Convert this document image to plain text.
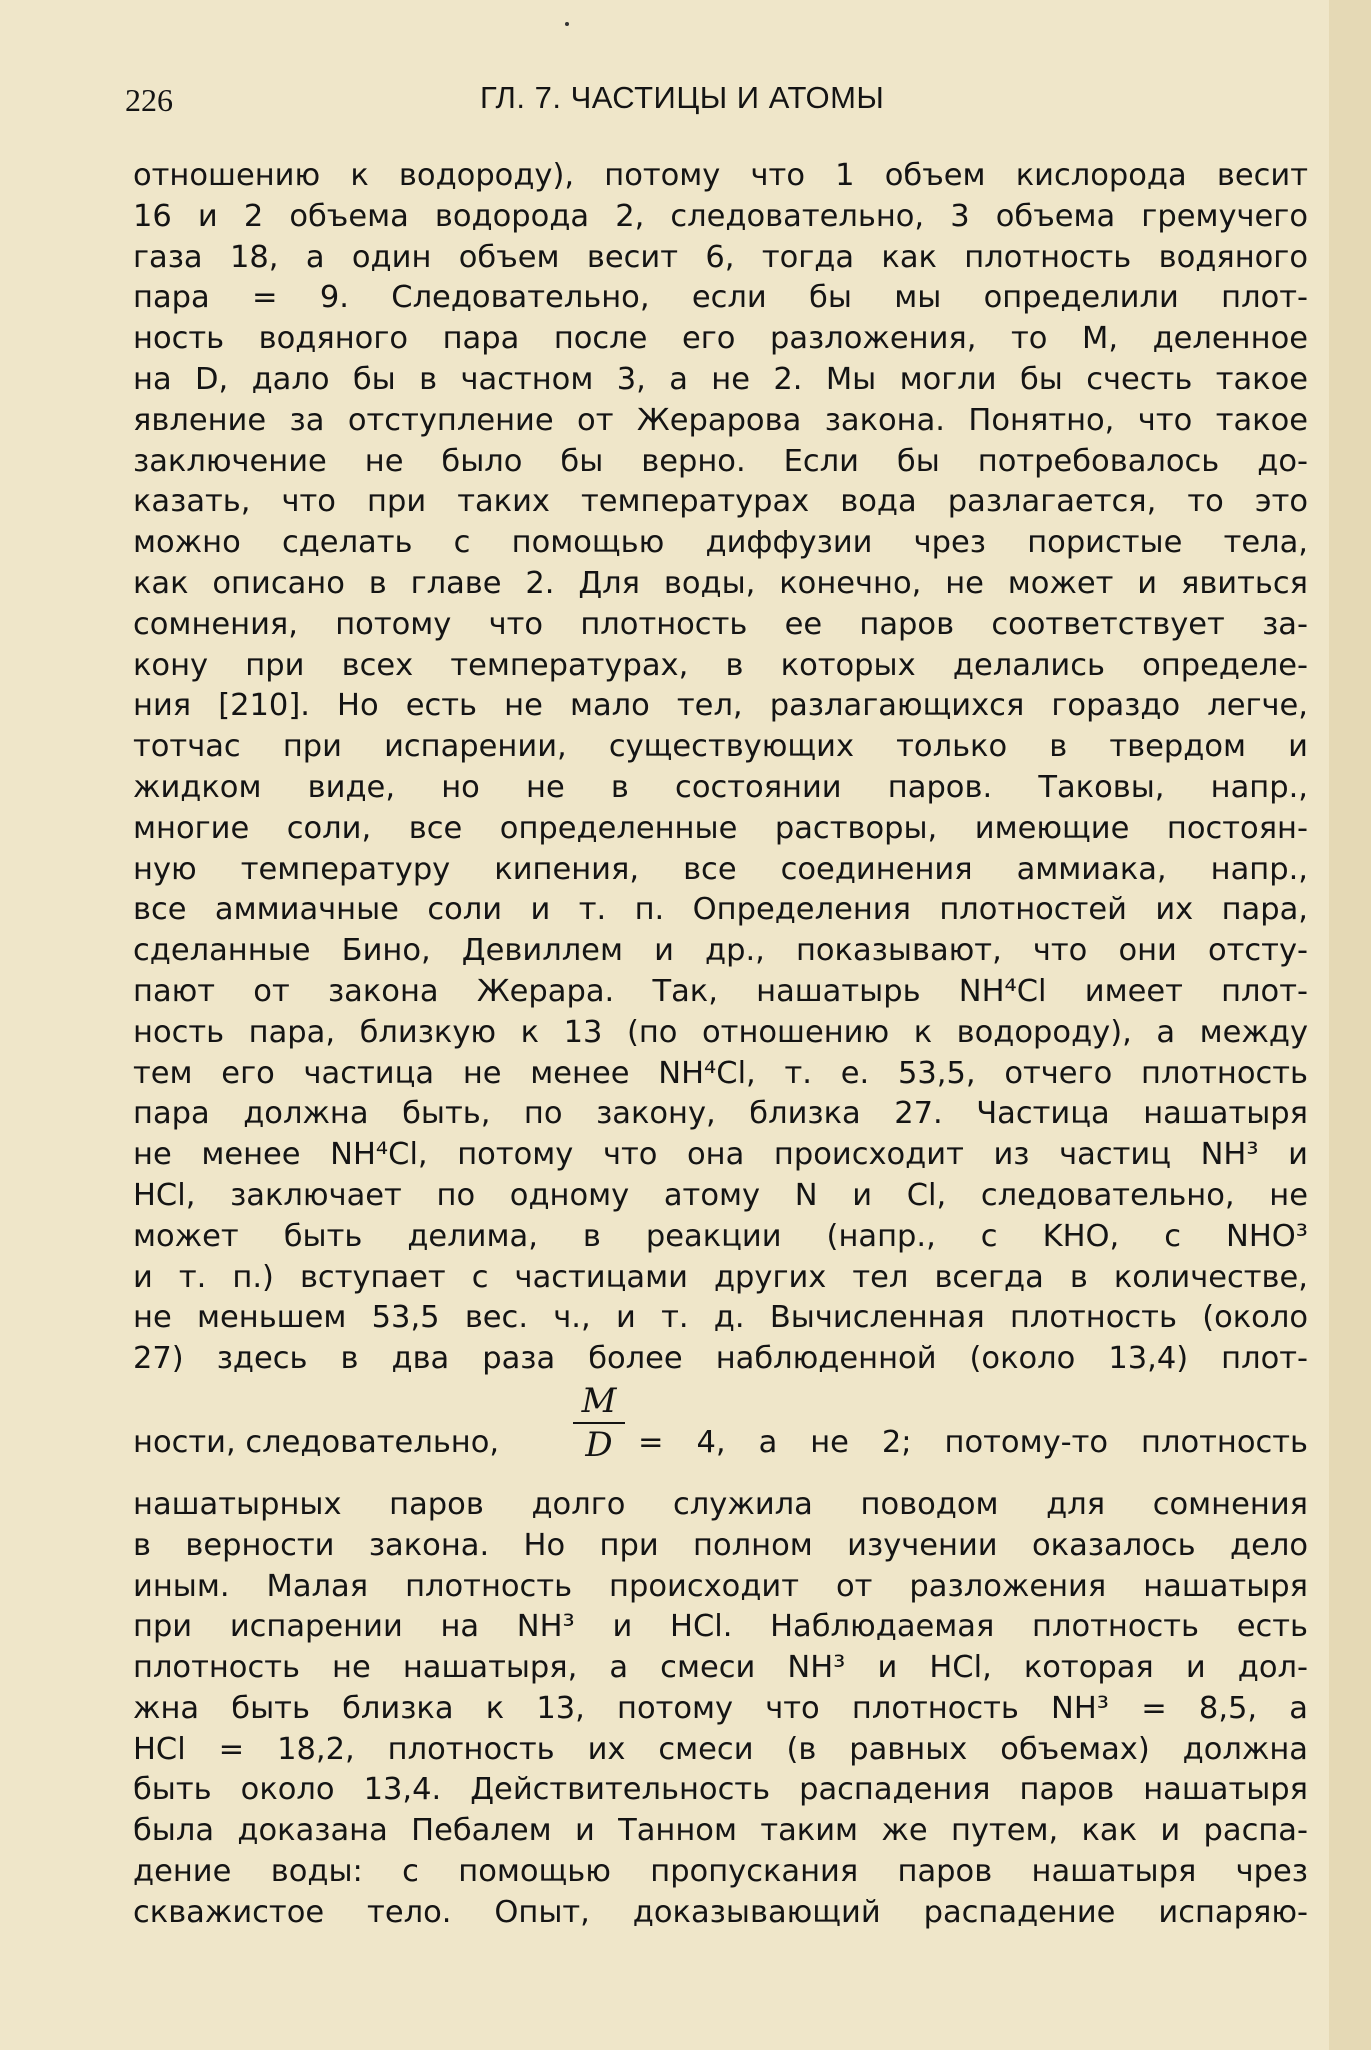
226	ГЛ. 7. ЧАСТИЦЫ И АТОМЫ
отношению к водороду), потому что 1 объем кислорода весит
16 и 2 объема водорода 2, следовательно, 3 объема гремучего
газа 18, а один объем весит 6, тогда как плотность водяного
пара = 9. Следовательно, если бы мы определили плот-
ность водяного пара после его разложения, то М, деленное
на D, дало бы в частном 3, а не 2. Мы могли бы счесть такое
явление за отступление от Жерарова закона. Понятно, что такое
заключение не было бы верно. Если бы потребовалось до-
казать, что при таких температурах вода разлагается, то это
можно сделать с помощью диффузии чрез пористые тела,
как описано в главе 2. Для воды, конечно, не может и явиться
сомнения, потому что плотность ее паров соответствует за-
кону при всех температурах, в которых делались определе-
ния [210]. Но есть не мало тел, разлагающихся гораздо легче,
тотчас при испарении, существующих только в твердом и
жидком виде, но не в состоянии паров. Таковы, напр.,
многие соли, все определенные растворы, имеющие постоян-
ную температуру кипения, все соединения аммиака, напр.,
все аммиачные соли и т. п. Определения плотностей их пара,
сделанные Бино, Девиллем и др., показывают, что они отсту-
пают от закона Жерара. Так, нашатырь NH⁴Cl имеет плот-
ность пара, близкую к 13 (по отношению к водороду), а между
тем его частица не менее NH⁴Cl, т. е. 53,5, отчего плотность
пара должна быть, по закону, близка 27. Частица нашатыря
не менее NH⁴Cl, потому что она происходит из частиц NH³ и
HCl, заключает по одному атому N и Cl, следовательно, не
может быть делима, в реакции (напр., с KHO, с NHO³
и т. п.) вступает с частицами других тел всегда в количестве,
не меньшем 53,5 вес. ч., и т. д. Вычисленная плотность (около
27) здесь в два раза более наблюденной (около 13,4) плот-
ности, следовательно, $\frac{M}{D} = 4$, а не 2; потому-то плотность
нашатырных паров долго служила поводом для сомнения
в верности закона. Но при полном изучении оказалось дело
иным. Малая плотность происходит от разложения нашатыря
при испарении на NH³ и HCl. Наблюдаемая плотность есть
плотность не нашатыря, а смеси NH³ и HCl, которая и дол-
жна быть близка к 13, потому что плотность NH³ = 8,5, а
HCl = 18,2, плотность их смеси (в равных объемах) должна
быть около 13,4. Действительность распадения паров нашатыря
была доказана Пебалем и Танном таким же путем, как и распа-
дение воды: с помощью пропускания паров нашатыря чрез
скважистое тело. Опыт, доказывающий распадение испаряю-
